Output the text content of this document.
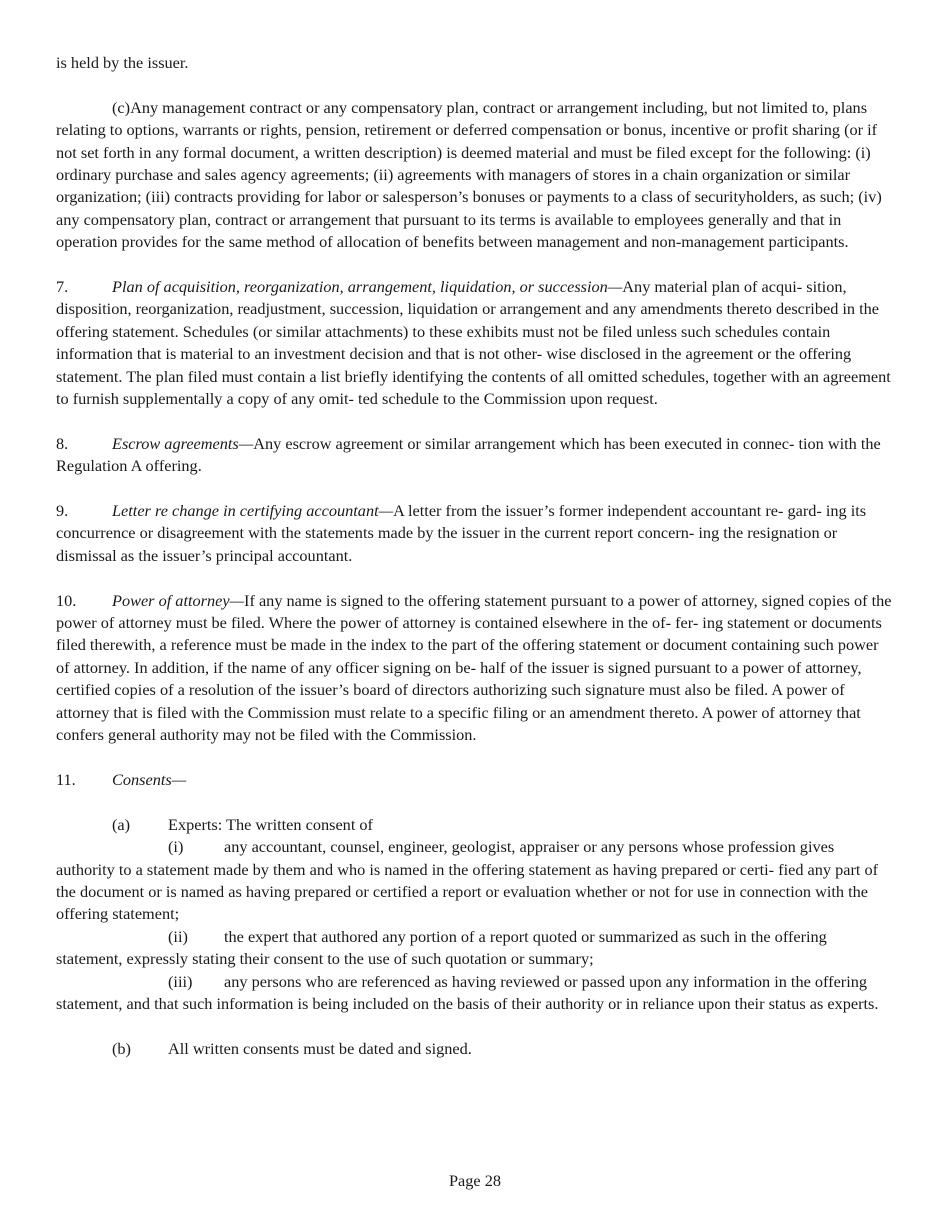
is held by the issuer.

(c)Any management contract or any compensatory plan, contract or arrangement including, but not limited to, plans relating to options, warrants or rights, pension, retirement or deferred compensation or bonus, incentive or profit sharing (or if not set forth in any formal document, a written description) is deemed material and must be filed except for the following: (i) ordinary purchase and sales agency agreements; (ii) agreements with managers of stores in a chain organization or similar organization; (iii) contracts providing for labor or salesperson’s bonuses or payments to a class of securityholders, as such; (iv) any compensatory plan, contract or arrangement that pursuant to its terms is available to employees generally and that in operation provides for the same method of allocation of benefits between management and non-management participants.

7.	Plan of acquisition, reorganization, arrangement, liquidation, or succession—Any material plan of acqui- sition, disposition, reorganization, readjustment, succession, liquidation or arrangement and any amendments thereto described in the offering statement. Schedules (or similar attachments) to these exhibits must not be filed unless such schedules contain information that is material to an investment decision and that is not other- wise disclosed in the agreement or the offering statement. The plan filed must contain a list briefly identifying the contents of all omitted schedules, together with an agreement to furnish supplementally a copy of any omit- ted schedule to the Commission upon request.

8.	Escrow agreements—Any escrow agreement or similar arrangement which has been executed in connec- tion with the Regulation A offering.

9.	Letter re change in certifying accountant—A letter from the issuer’s former independent accountant re- gard- ing its concurrence or disagreement with the statements made by the issuer in the current report concern- ing the resignation or dismissal as the issuer’s principal accountant.

10. Power of attorney—If any name is signed to the offering statement pursuant to a power of attorney, signed copies of the power of attorney must be filed. Where the power of attorney is contained elsewhere in the of- fer- ing statement or documents filed therewith, a reference must be made in the index to the part of the offering statement or document containing such power of attorney. In addition, if the name of any officer signing on be- half of the issuer is signed pursuant to a power of attorney, certified copies of a resolution of the issuer’s board of directors authorizing such signature must also be filed. A power of attorney that is filed with the Commission must relate to a specific filing or an amendment thereto. A power of attorney that confers general authority may not be filed with the Commission.

11. Consents—

(a) Experts: The written consent of

(i) any accountant, counsel, engineer, geologist, appraiser or any persons whose profession gives authority to a statement made by them and who is named in the offering statement as having prepared or certi- fied any part of the document or is named as having prepared or certified a report or evaluation whether or not for use in connection with the offering statement;

(ii) the expert that authored any portion of a report quoted or summarized as such in the offering statement, expressly stating their consent to the use of such quotation or summary;

(iii) any persons who are referenced as having reviewed or passed upon any information in the offering statement, and that such information is being included on the basis of their authority or in reliance upon their status as experts.

(b) All written consents must be dated and signed.

Page 28
